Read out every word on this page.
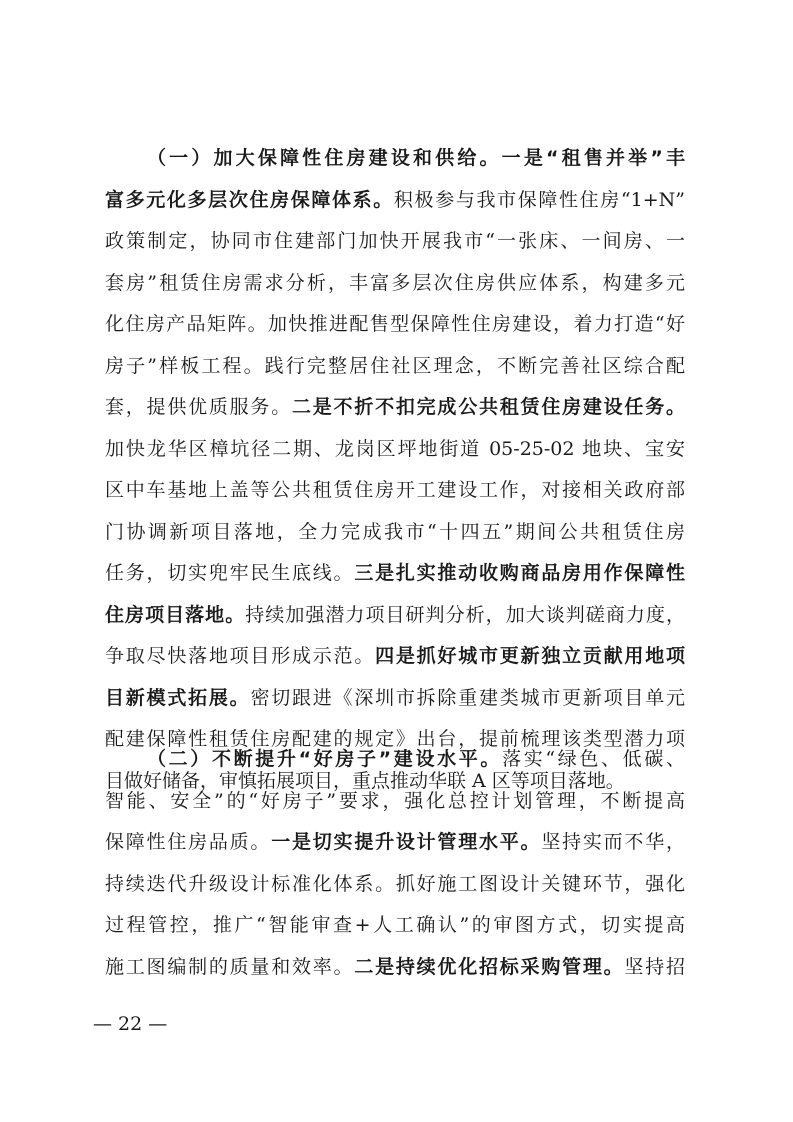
（一）加大保障性住房建设和供给。一是“租售并举”丰
富多元化多层次住房保障体系。积极参与我市保障性住房“1+N”
政策制定，协同市住建部门加快开展我市“一张床、一间房、一
套房”租赁住房需求分析，丰富多层次住房供应体系，构建多元
化住房产品矩阵。加快推进配售型保障性住房建设，着力打造“好
房子”样板工程。践行完整居住社区理念，不断完善社区综合配
套，提供优质服务。二是不折不扣完成公共租赁住房建设任务。
加快龙华区樟坑径二期、龙岗区坪地街道 05-25-02 地块、宝安
区中车基地上盖等公共租赁住房开工建设工作，对接相关政府部
门协调新项目落地，全力完成我市“十四五”期间公共租赁住房
任务，切实兜牢民生底线。三是扎实推动收购商品房用作保障性
住房项目落地。持续加强潜力项目研判分析，加大谈判磋商力度，
争取尽快落地项目形成示范。四是抓好城市更新独立贡献用地项
目新模式拓展。密切跟进《深圳市拆除重建类城市更新项目单元
配建保障性租赁住房配建的规定》出台，提前梳理该类型潜力项
目做好储备，审慎拓展项目，重点推动华联 A 区等项目落地。
（二）不断提升“好房子”建设水平。落实“绿色、低碳、
智能、安全”的“好房子”要求，强化总控计划管理，不断提高
保障性住房品质。一是切实提升设计管理水平。坚持实而不华，
持续迭代升级设计标准化体系。抓好施工图设计关键环节，强化
过程管控，推广“智能审查+人工确认”的审图方式，切实提高
施工图编制的质量和效率。二是持续优化招标采购管理。坚持招
— 22 —
